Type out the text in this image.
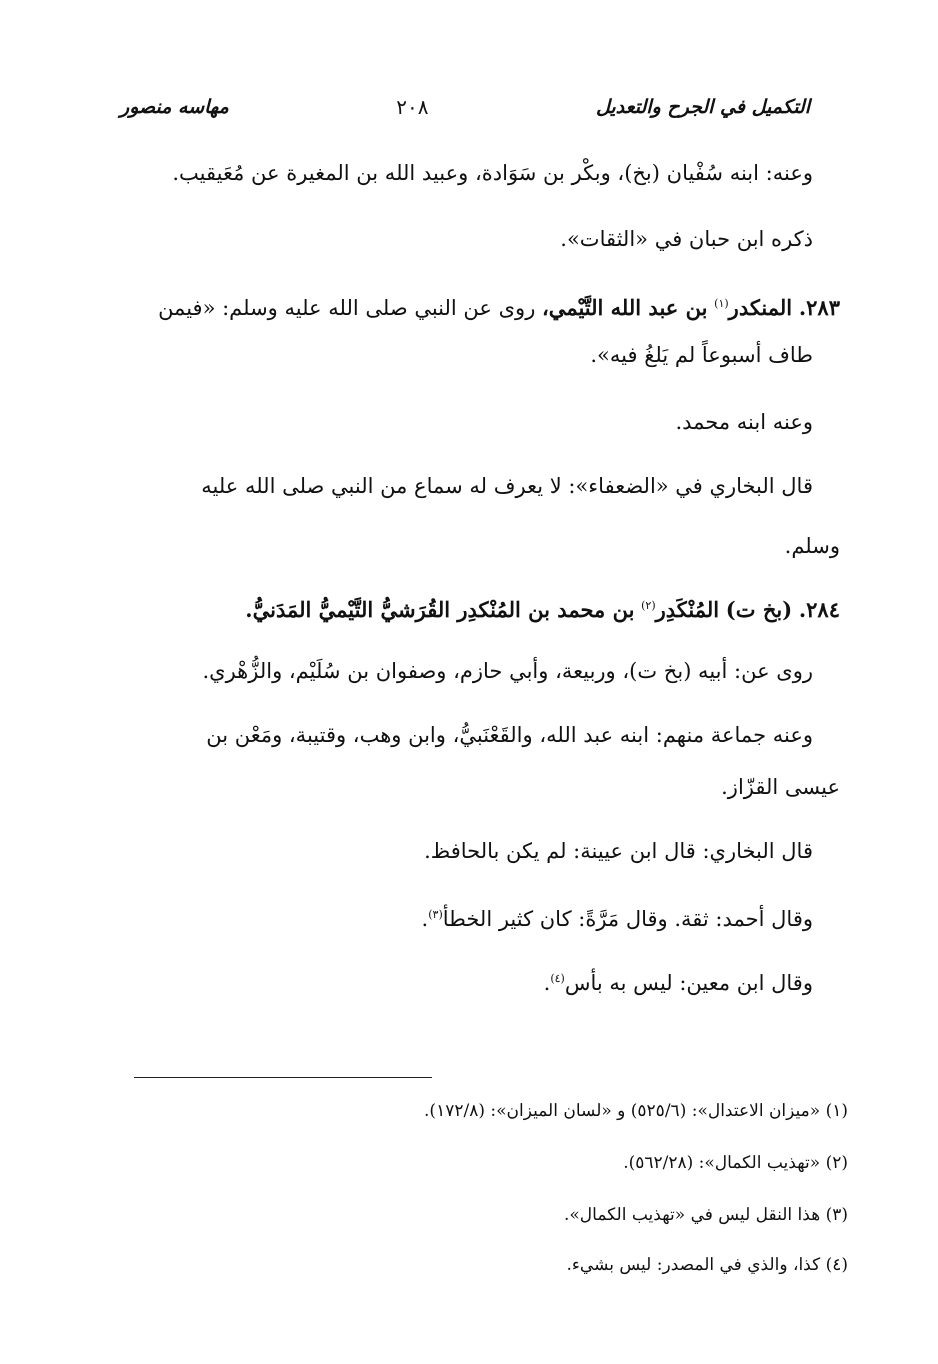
التكميل في الجرح والتعديل
٢٠٨
مهاسه منصور
وعنه: ابنه سُفْيان (بخ)، وبكْر بن سَوَادة، وعبيد الله بن المغيرة عن مُعَيقيب.
ذكره ابن حبان في «الثقات».
٢٨٣. المنكدر$^{(١)}$ بن عبد الله التَّيْمي، روى عن النبي صلى الله عليه وسلم: «فيمن
طاف أسبوعاً لم يَلغُ فيه».
وعنه ابنه محمد.
قال البخاري في «الضعفاء»: لا يعرف له سماع من النبي صلى الله عليه
وسلم.
٢٨٤. (بخ ت) المُنْكَدِر$^{(٢)}$ بن محمد بن المُنْكدِر القُرَشيُّ التَّيْميُّ المَدَنيُّ.
روى عن: أبيه (بخ ت)، وربيعة، وأبي حازم، وصفوان بن سُلَيْم، والزُّهْري.
وعنه جماعة منهم: ابنه عبد الله، والقَعْنَبيُّ، وابن وهب، وقتيبة، ومَعْن بن
عيسى القزّاز.
قال البخاري: قال ابن عيينة: لم يكن بالحافظ.
وقال أحمد: ثقة. وقال مَرَّةً: كان كثير الخطأ$^{(٣)}$.
وقال ابن معين: ليس به بأس$^{(٤)}$.
(١) «ميزان الاعتدال»: (٥٢٥/٦) و «لسان الميزان»: (١٧٢/٨).
(٢) «تهذيب الكمال»: (٥٦٢/٢٨).
(٣) هذا النقل ليس في «تهذيب الكمال».
(٤) كذا، والذي في المصدر: ليس بشيء.
